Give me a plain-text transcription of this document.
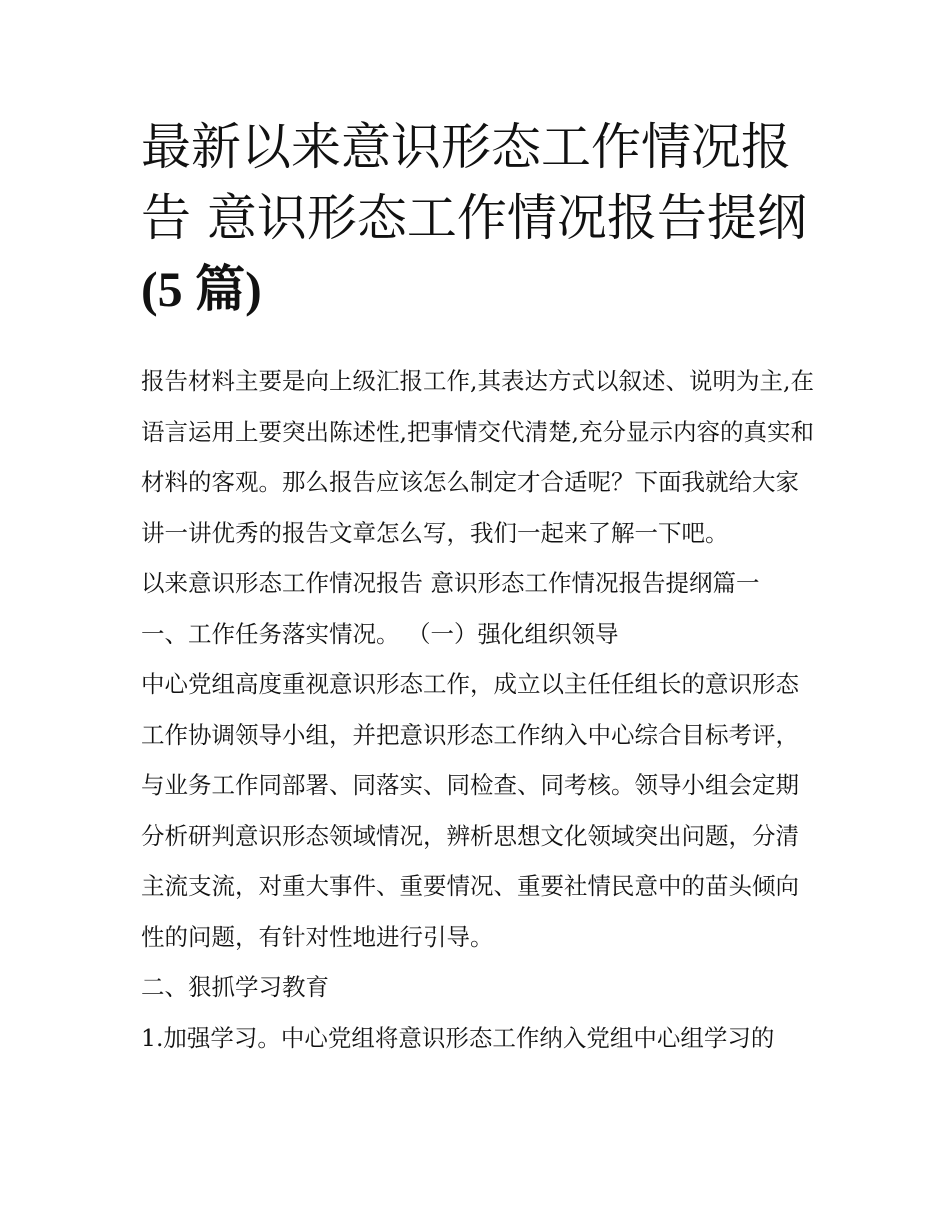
最新以来意识形态工作情况报
告 意识形态工作情况报告提纲
(5 篇)

报告材料主要是向上级汇报工作,其表达方式以叙述、说明为主,在语言运用上要突出陈述性,把事情交代清楚,充分显示内容的真实和材料的客观。那么报告应该怎么制定才合适呢？下面我就给大家讲一讲优秀的报告文章怎么写，我们一起来了解一下吧。

以来意识形态工作情况报告 意识形态工作情况报告提纲篇一

一、工作任务落实情况。 （一）强化组织领导

中心党组高度重视意识形态工作，成立以主任任组长的意识形态工作协调领导小组，并把意识形态工作纳入中心综合目标考评，与业务工作同部署、同落实、同检查、同考核。领导小组会定期分析研判意识形态领域情况，辨析思想文化领域突出问题，分清主流支流，对重大事件、重要情况、重要社情民意中的苗头倾向性的问题，有针对性地进行引导。

二、狠抓学习教育

1.加强学习。中心党组将意识形态工作纳入党组中心组学习的
